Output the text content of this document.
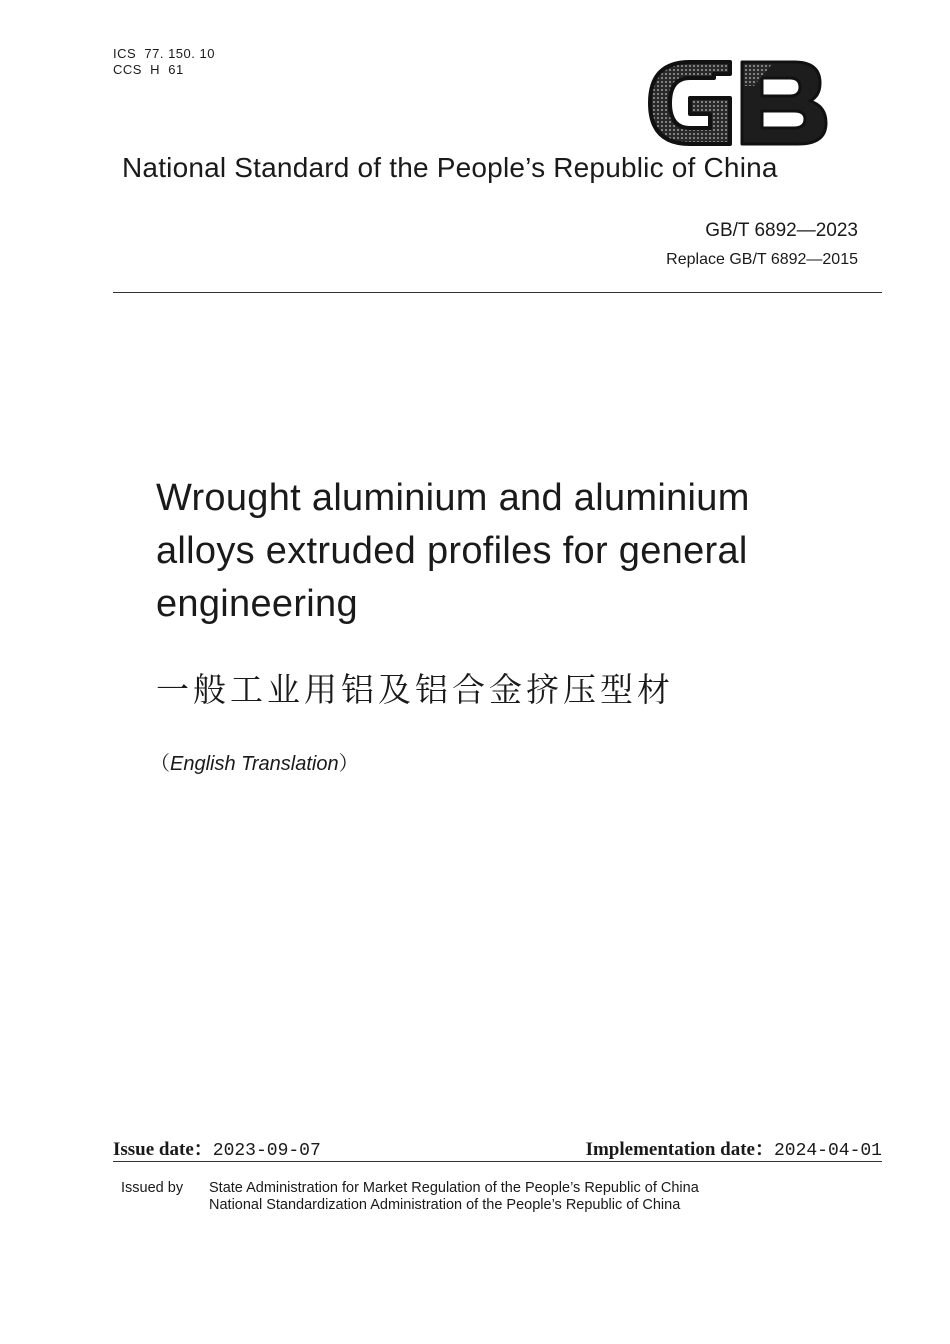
ICS  77. 150. 10
CCS  H  61
National Standard of the People’s Republic of China
GB/T 6892—2023
Replace GB/T 6892—2015
Wrought aluminium and aluminium
alloys extruded profiles for general
engineering
一般工业用铝及铝合金挤压型材
（English Translation）
Issue date：2023-09-07	Implementation date：2024-04-01
Issued by State Administration for Market Regulation of the People’s Republic of China
National Standardization Administration of the People’s Republic of China
